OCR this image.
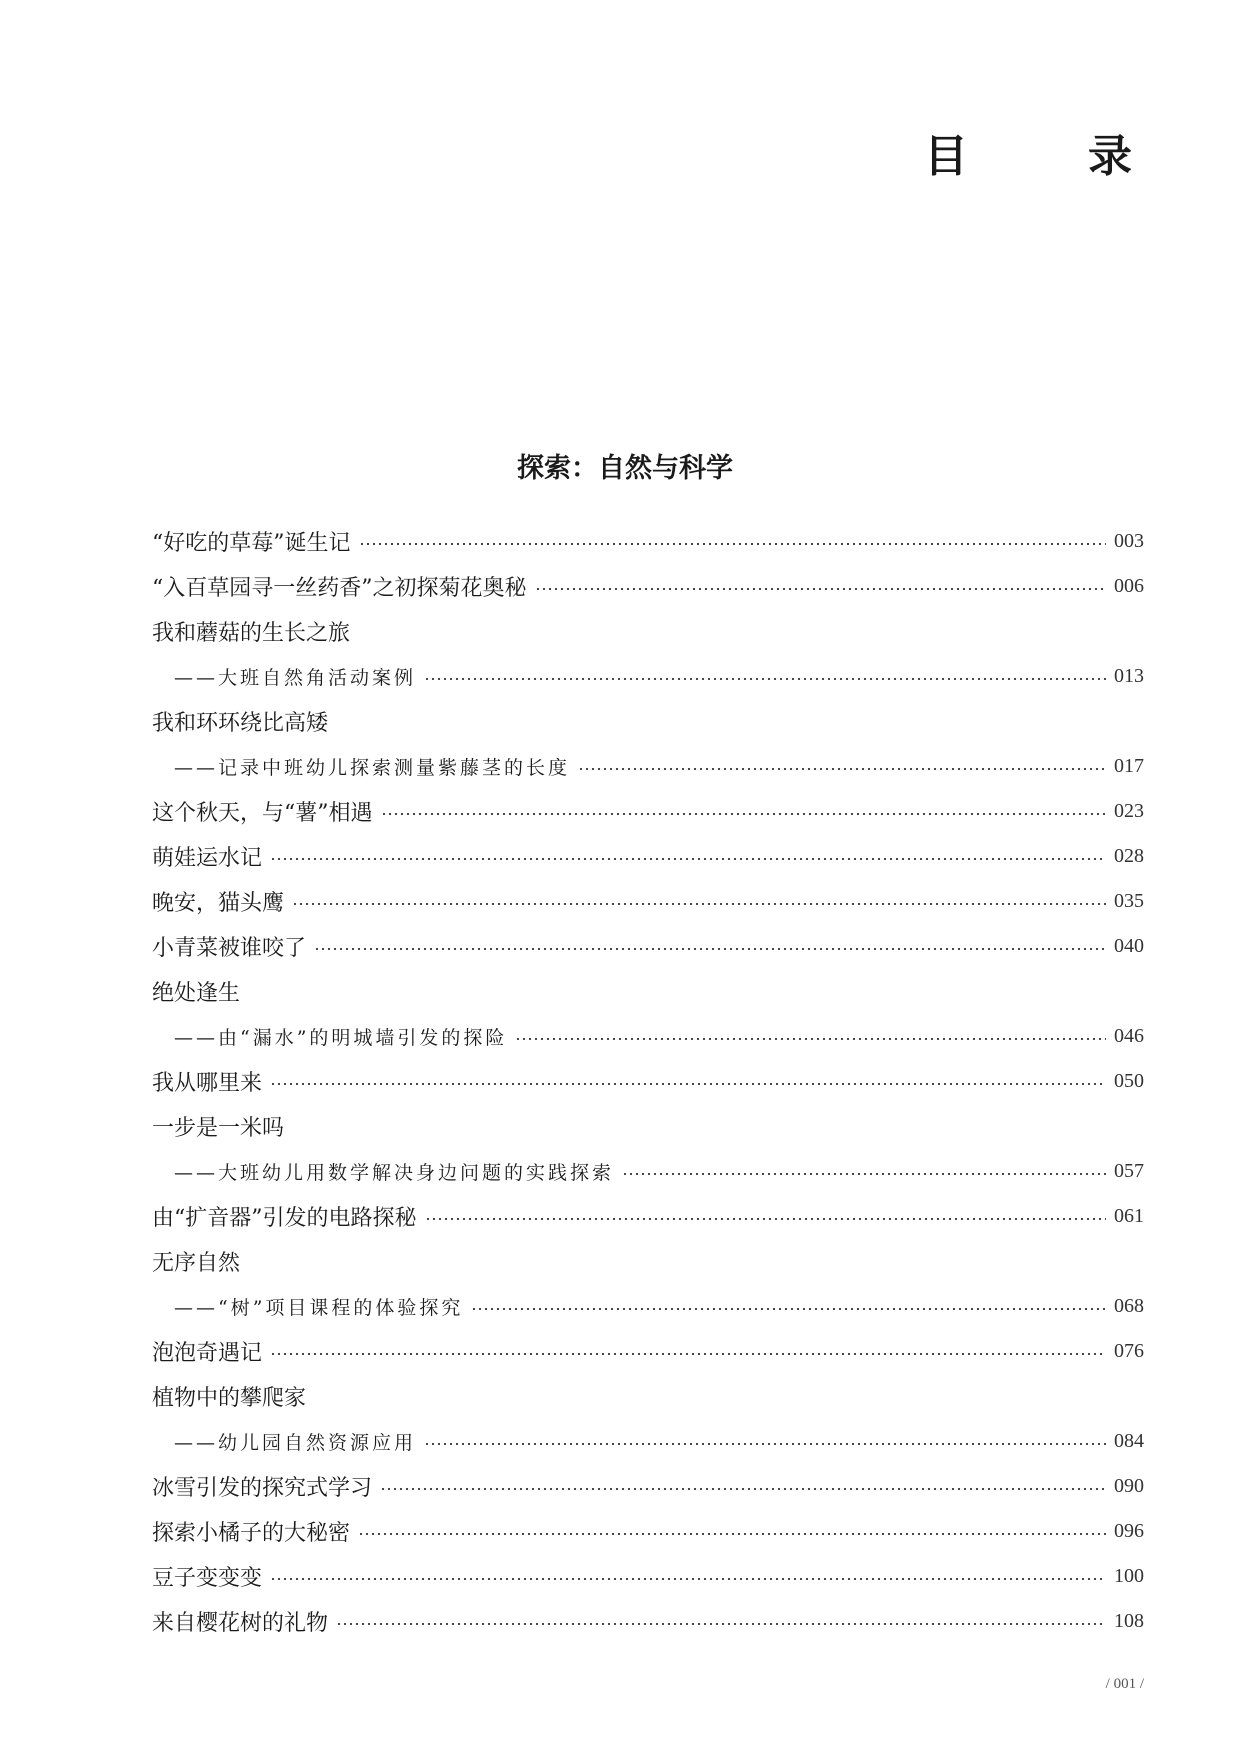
目　录
探索：自然与科学
“好吃的草莓”诞生记	003
“入百草园寻一丝药香”之初探菊花奥秘	006
我和蘑菇的生长之旅
——大班自然角活动案例	013
我和环环绕比高矮
——记录中班幼儿探索测量紫藤茎的长度	017
这个秋天，与“薯”相遇	023
萌娃运水记	028
晚安，猫头鹰	035
小青菜被谁咬了	040
绝处逢生
——由“漏水”的明城墙引发的探险	046
我从哪里来	050
一步是一米吗
——大班幼儿用数学解决身边问题的实践探索	057
由“扩音器”引发的电路探秘	061
无序自然
——“树”项目课程的体验探究	068
泡泡奇遇记	076
植物中的攀爬家
——幼儿园自然资源应用	084
冰雪引发的探究式学习	090
探索小橘子的大秘密	096
豆子变变变	100
来自樱花树的礼物	108
/ 001 /
